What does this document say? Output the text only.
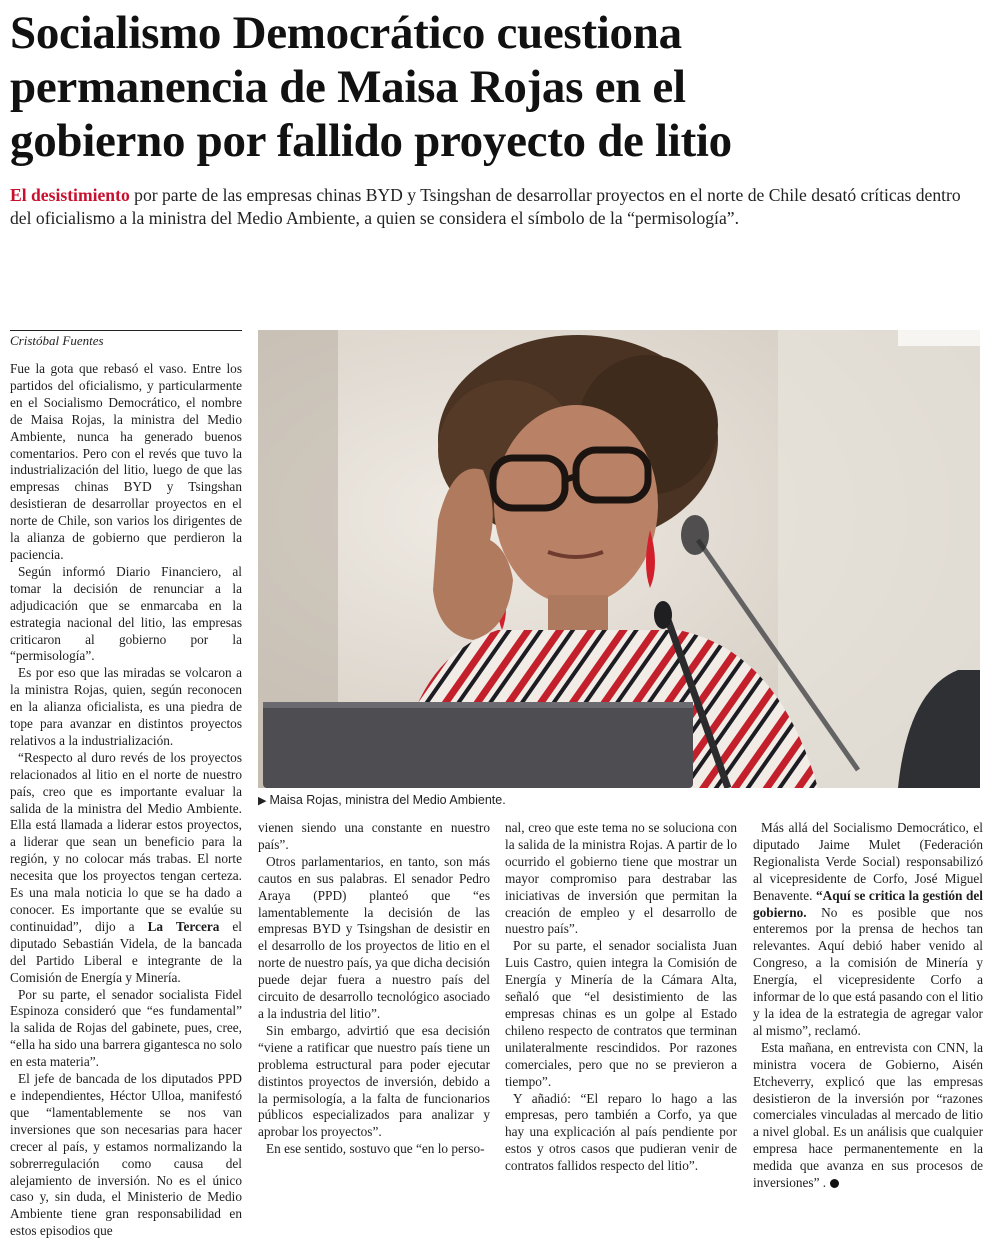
Socialismo Democrático cuestiona
permanencia de Maisa Rojas en el
gobierno por fallido proyecto de litio

El desistimiento por parte de las empresas chinas BYD y Tsingshan de desarrollar proyectos en el norte de Chile desató críticas dentro del oficialismo a la ministra del Medio Ambiente, a quien se considera el símbolo de la “permisología”.

Cristóbal Fuentes

Fue la gota que rebasó el vaso. Entre los partidos del oficialismo, y particularmente en el Socialismo Democrático, el nombre de Maisa Rojas, la ministra del Medio Ambiente, nunca ha generado buenos comentarios. Pero con el revés que tuvo la industrialización del litio, luego de que las empresas chinas BYD y Tsingshan desistieran de desarrollar proyectos en el norte de Chile, son varios los dirigentes de la alianza de gobierno que perdieron la paciencia.

Según informó Diario Financiero, al tomar la decisión de renunciar a la adjudicación que se enmarcaba en la estrategia nacional del litio, las empresas criticaron al gobierno por la “permisología”.

Es por eso que las miradas se volcaron a la ministra Rojas, quien, según reconocen en la alianza oficialista, es una piedra de tope para avanzar en distintos proyectos relativos a la industrialización.

“Respecto al duro revés de los proyectos relacionados al litio en el norte de nuestro país, creo que es importante evaluar la salida de la ministra del Medio Ambiente. Ella está llamada a liderar estos proyectos, a liderar que sean un beneficio para la región, y no colocar más trabas. El norte necesita que los proyectos tengan certeza. Es una mala noticia lo que se ha dado a conocer. Es importante que se evalúe su continuidad”, dijo a La Tercera el diputado Sebastián Videla, de la bancada del Partido Liberal e integrante de la Comisión de Energía y Minería.

Por su parte, el senador socialista Fidel Espinoza consideró que “es fundamental” la salida de Rojas del gabinete, pues, cree, “ella ha sido una barrera gigantesca no solo en esta materia”.

El jefe de bancada de los diputados PPD e independientes, Héctor Ulloa, manifestó que “lamentablemente se nos van inversiones que son necesarias para hacer crecer al país, y estamos normalizando la sobrerregulación como causa del alejamiento de inversión. No es el único caso y, sin duda, el Ministerio de Medio Ambiente tiene gran responsabilidad en estos episodios que

▶ Maisa Rojas, ministra del Medio Ambiente.

vienen siendo una constante en nuestro país”.

Otros parlamentarios, en tanto, son más cautos en sus palabras. El senador Pedro Araya (PPD) planteó que “es lamentablemente la decisión de las empresas BYD y Tsingshan de desistir en el desarrollo de los proyectos de litio en el norte de nuestro país, ya que dicha decisión puede dejar fuera a nuestro país del circuito de desarrollo tecnológico asociado a la industria del litio”.

Sin embargo, advirtió que esa decisión “viene a ratificar que nuestro país tiene un problema estructural para poder ejecutar distintos proyectos de inversión, debido a la permisología, a la falta de funcionarios públicos especializados para analizar y aprobar los proyectos”.

En ese sentido, sostuvo que “en lo perso-

nal, creo que este tema no se soluciona con la salida de la ministra Rojas. A partir de lo ocurrido el gobierno tiene que mostrar un mayor compromiso para destrabar las iniciativas de inversión que permitan la creación de empleo y el desarrollo de nuestro país”.

Por su parte, el senador socialista Juan Luis Castro, quien integra la Comisión de Energía y Minería de la Cámara Alta, señaló que “el desistimiento de las empresas chinas es un golpe al Estado chileno respecto de contratos que terminan unilateralmente rescindidos. Por razones comerciales, pero que no se previeron a tiempo”.

Y añadió: “El reparo lo hago a las empresas, pero también a Corfo, ya que hay una explicación al país pendiente por estos y otros casos que pudieran venir de contratos fallidos respecto del litio”.

Más allá del Socialismo Democrático, el diputado Jaime Mulet (Federación Regionalista Verde Social) responsabilizó al vicepresidente de Corfo, José Miguel Benavente. “Aquí se critica la gestión del gobierno. No es posible que nos enteremos por la prensa de hechos tan relevantes. Aquí debió haber venido al Congreso, a la comisión de Minería y Energía, el vicepresidente Corfo a informar de lo que está pasando con el litio y la idea de la estrategia de agregar valor al mismo”, reclamó.

Esta mañana, en entrevista con CNN, la ministra vocera de Gobierno, Aisén Etcheverry, explicó que las empresas desistieron de la inversión por “razones comerciales vinculadas al mercado de litio a nivel global. Es un análisis que cualquier empresa hace permanentemente en la medida que avanza en sus procesos de inversiones” .
